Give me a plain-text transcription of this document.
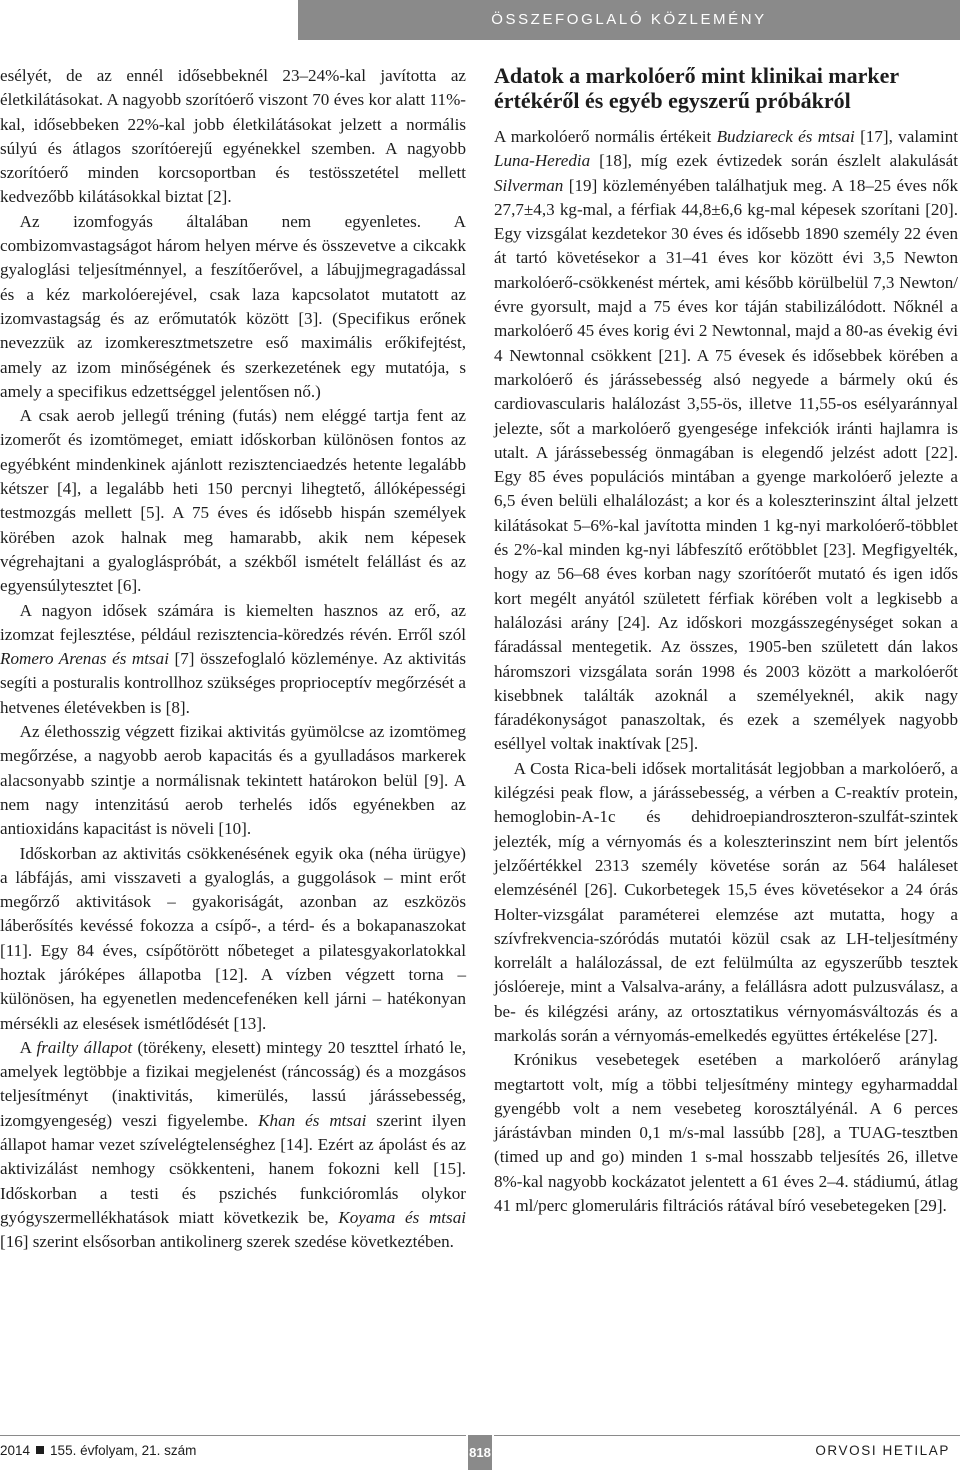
ÖSSZEFOGLALÓ KÖZLEMÉNY

esélyét, de az ennél idősebbeknél 23–24%-kal javította az életkilátásokat. A nagyobb szorítóerő viszont 70 éves kor alatt 11%-kal, idősebbeken 22%-kal jobb életkilátásokat jelzett a normális súlyú és átlagos szorítóerejű egyénekkel szemben. A nagyobb szorítóerő minden korcsoportban és testösszetétel mellett kedvezőbb kilátásokkal biztat [2].

Az izomfogyás általában nem egyenletes. A combizomvastagságot három helyen mérve és összevetve a cikcakk gyaloglási teljesítménnyel, a feszítőerővel, a lábujjmegragadással és a kéz markolóerejével, csak laza kapcsolatot mutatott az izomvastagság és az erőmutatók között [3]. (Specifikus erőnek nevezzük az izomkeresztmetszetre eső maximális erőkifejtést, amely az izom minőségének és szerkezetének egy mutatója, s amely a specifikus edzettséggel jelentősen nő.)

A csak aerob jellegű tréning (futás) nem eléggé tartja fent az izomerőt és izomtömeget, emiatt időskorban különösen fontos az egyébként mindenkinek ajánlott rezisztenciaedzés hetente legalább kétszer [4], a legalább heti 150 percnyi lihegtető, állóképességi testmozgás mellett [5]. A 75 éves és idősebb hispán személyek körében azok halnak meg hamarabb, akik nem képesek végrehajtani a gyalogláspróbát, a székből ismételt felállást és az egyensúlytesztet [6].

A nagyon idősek számára is kiemelten hasznos az erő, az izomzat fejlesztése, például rezisztencia-köredzés révén. Erről szól Romero Arenas és mtsai [7] összefoglaló közleménye. Az aktivitás segíti a posturalis kontrollhoz szükséges proprioceptív megőrzését a hetvenes életévekben is [8].

Az élethosszig végzett fizikai aktivitás gyümölcse az izomtömeg megőrzése, a nagyobb aerob kapacitás és a gyulladásos markerek alacsonyabb szintje a normálisnak tekintett határokon belül [9]. A nem nagy intenzitású aerob terhelés idős egyénekben az antioxidáns kapacitást is növeli [10].

Időskorban az aktivitás csökkenésének egyik oka (néha ürügye) a lábfájás, ami visszaveti a gyaloglás, a guggolások – mint erőt megőrző aktivitások – gyakoriságát, azonban az eszközös láberősítés kevéssé fokozza a csípő-, a térd- és a bokapanaszokat [11]. Egy 84 éves, csípőtörött nőbeteget a pilatesgyakorlatokkal hoztak járóképes állapotba [12]. A vízben végzett torna – különösen, ha egyenetlen medencefenéken kell járni – hatékonyan mérsékli az elesések ismétlődését [13].

A frailty állapot (törékeny, elesett) mintegy 20 teszttel írható le, amelyek legtöbbje a fizikai megjelenést (ráncosság) és a mozgásos teljesítményt (inaktivitás, kimerülés, lassú járássebesség, izomgyengeség) veszi figyelembe. Khan és mtsai szerint ilyen állapot hamar vezet szívelégtelenséghez [14]. Ezért az ápolást és az aktivizálást nemhogy csökkenteni, hanem fokozni kell [15]. Időskorban a testi és pszichés funkcióromlás olykor gyógyszermellékhatások miatt következik be, Koyama és mtsai [16] szerint elsősorban antikolinerg szerek szedése következtében.

Adatok a markolóerő mint klinikai marker értékéről és egyéb egyszerű próbákról

A markolóerő normális értékeit Budziareck és mtsai [17], valamint Luna-Heredia [18], míg ezek évtizedek során észlelt alakulását Silverman [19] közleményében találhatjuk meg. A 18–25 éves nők 27,7±4,3 kg-mal, a férfiak 44,8±6,6 kg-mal képesek szorítani [20]. Egy vizsgálat kezdetekor 30 éves és idősebb 1890 személy 22 éven át tartó követésekor a 31–41 éves kor között évi 3,5 Newton markolóerő-csökkenést mértek, ami később körülbelül 7,3 Newton/évre gyorsult, majd a 75 éves kor táján stabilizálódott. Nőknél a markolóerő 45 éves korig évi 2 Newtonnal, majd a 80-as évekig évi 4 Newtonnal csökkent [21]. A 75 évesek és idősebbek körében a markolóerő és járássebesség alsó negyede a bármely okú és cardiovascularis halálozást 3,55-ös, illetve 11,55-os esélyaránnyal jelezte, sőt a markolóerő gyengesége infekciók iránti hajlamra is utalt. A járássebesség önmagában is elegendő jelzést adott [22]. Egy 85 éves populációs mintában a gyenge markolóerő jelezte a 6,5 éven belüli elhalálozást; a kor és a koleszterinszint által jelzett kilátásokat 5–6%-kal javította minden 1 kg-nyi markolóerő-többlet és 2%-kal minden kg-nyi lábfeszítő erőtöbblet [23]. Megfigyelték, hogy az 56–68 éves korban nagy szorítóerőt mutató és igen idős kort megélt anyától született férfiak körében volt a legkisebb a halálozási arány [24]. Az időskori mozgásszegénységet sokan a fáradással mentegetik. Az összes, 1905-ben született dán lakos háromszori vizsgálata során 1998 és 2003 között a markolóerőt kisebbnek találták azoknál a személyeknél, akik nagy fáradékonyságot panaszoltak, és ezek a személyek nagyobb eséllyel voltak inaktívak [25].

A Costa Rica-beli idősek mortalitását legjobban a markolóerő, a kilégzési peak flow, a járássebesség, a vérben a C-reaktív protein, hemoglobin-A-1c és dehidroepiandroszteron-szulfát-szintek jelezték, míg a vérnyomás és a koleszterinszint nem bírt jelentős jelzőértékkel 2313 személy követése során az 564 haláleset elemzésénél [26]. Cukorbetegek 15,5 éves követésekor a 24 órás Holter-vizsgálat paraméterei elemzése azt mutatta, hogy a szívfrekvencia-szóródás mutatói közül csak az LH-teljesítmény korrelált a halálozással, de ezt felülmúlta az egyszerűbb tesztek jóslóereje, mint a Valsalva-arány, a felállásra adott pulzusválasz, a be- és kilégzési arány, az ortosztatikus vérnyomásváltozás és a markolás során a vérnyomás-emelkedés együttes értékelése [27].

Krónikus vesebetegek esetében a markolóerő aránylag megtartott volt, míg a többi teljesítmény mintegy egyharmaddal gyengébb volt a nem vesebeteg korosztályénál. A 6 perces járástávban minden 0,1 m/s-mal lassúbb [28], a TUAG-tesztben (timed up and go) minden 1 s-mal hosszabb teljesítés 26, illetve 8%-kal nagyobb kockázatot jelentett a 61 éves 2–4. stádiumú, átlag 41 ml/perc glomeruláris filtrációs rátával bíró vesebetegeken [29].

2014 155. évfolyam, 21. szám	818	ORVOSI HETILAP
